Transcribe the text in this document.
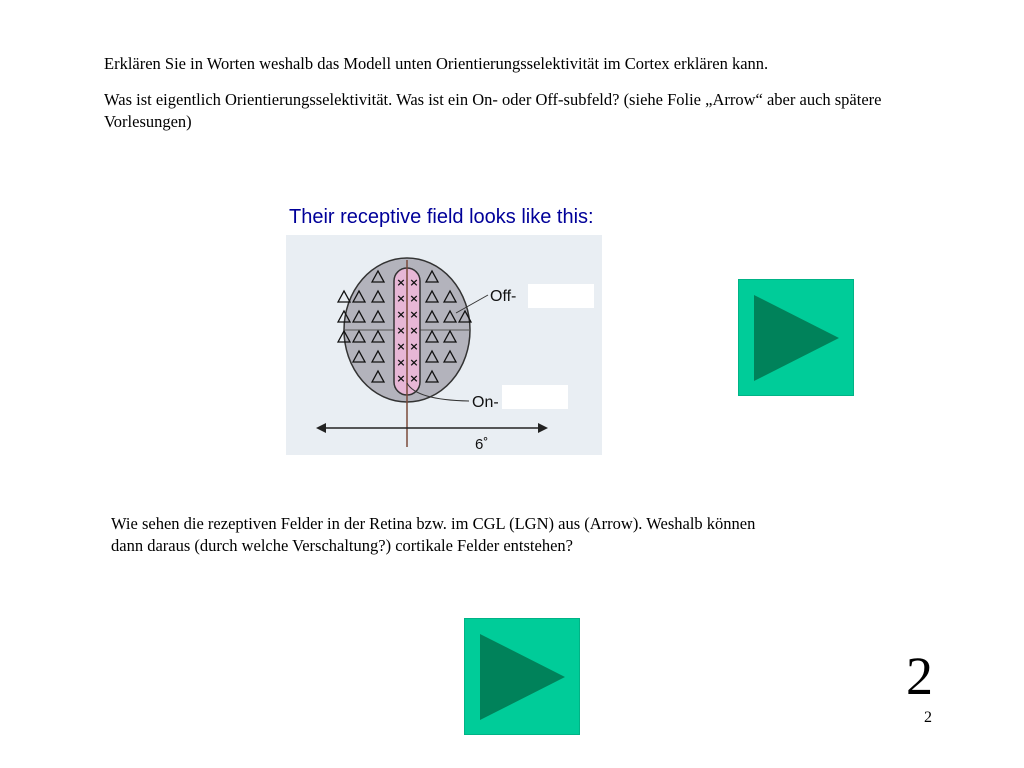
Erklären Sie in Worten weshalb das Modell unten Orientierungsselektivität im Cortex erklären kann.

Was ist eigentlich Orientierungsselektivität. Was ist ein On- oder Off-subfeld? (siehe Folie „Arrow“ aber auch spätere Vorlesungen)

Their receptive field looks like this:

× ×
× ×
× ×
× ×
× ×
× ×
× ×
Off-
On-
6˚

Wie sehen die rezeptiven Felder in der Retina bzw. im CGL (LGN) aus (Arrow). Weshalb können dann daraus (durch welche Verschaltung?) cortikale Felder entstehen?

2

2
